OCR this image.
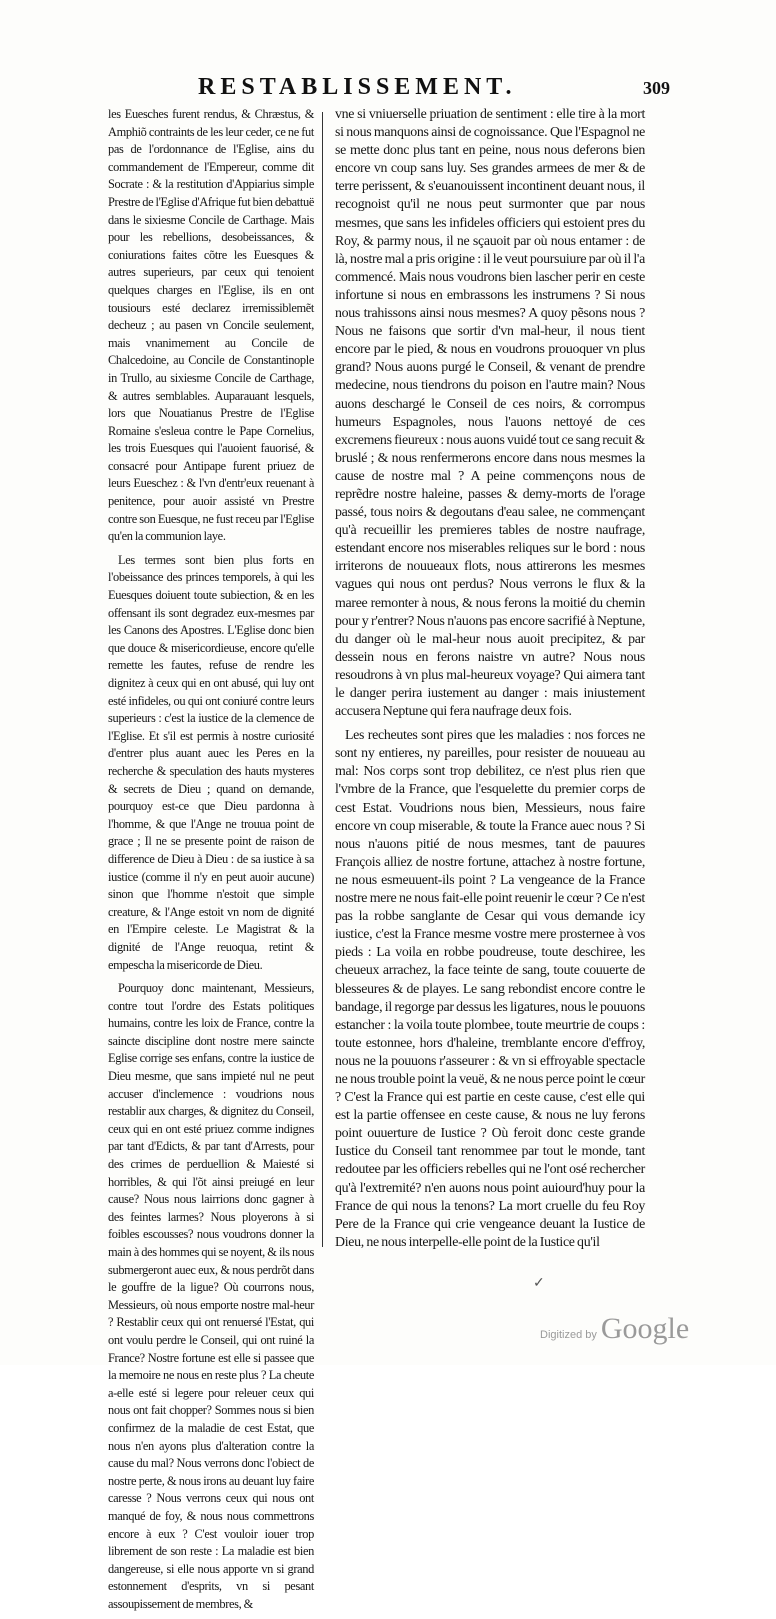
RESTABLISSEMENT.	309

les Euesches furent rendus, & Chræstus, & Amphiõ contraints de les leur ceder, ce ne fut pas de l'ordonnance de l'Eglise, ains du commandement de l'Empereur, comme dit Socrate : & la restitution d'Appiarius simple Prestre de l'Eglise d'Afrique fut bien debattuë dans le sixiesme Concile de Carthage. Mais pour les rebellions, desobeissances, & coniurations faites cõtre les Euesques & autres superieurs, par ceux qui tenoient quelques charges en l'Eglise, ils en ont tousiours esté declarez irremissiblemẽt decheuz ; au pasen vn Concile seulement, mais vnanimement au Concile de Chalcedoine, au Concile de Constantinople in Trullo, au sixiesme Concile de Carthage, & autres semblables. Auparauant lesquels, lors que Nouatianus Prestre de l'Eglise Romaine s'esleua contre le Pape Cornelius, les trois Euesques qui l'auoient fauorisé, & consacré pour Antipape furent priuez de leurs Eueschez : & l'vn d'entr'eux reuenant à penitence, pour auoir assisté vn Prestre contre son Euesque, ne fust receu par l'Eglise qu'en la communion laye.

Les termes sont bien plus forts en l'obeissance des princes temporels, à qui les Euesques doiuent toute subiection, & en les offensant ils sont degradez eux-mesmes par les Canons des Apostres. L'Eglise donc bien que douce & misericordieuse, encore qu'elle remette les fautes, refuse de rendre les dignitez à ceux qui en ont abusé, qui luy ont esté infideles, ou qui ont coniuré contre leurs superieurs : c'est la iustice de la clemence de l'Eglise. Et s'il est permis à nostre curiosité d'entrer plus auant auec les Peres en la recherche & speculation des hauts mysteres & secrets de Dieu ; quand on demande, pourquoy est-ce que Dieu pardonna à l'homme, & que l'Ange ne trouua point de grace ; Il ne se presente point de raison de difference de Dieu à Dieu : de sa iustice à sa iustice (comme il n'y en peut auoir aucune) sinon que l'homme n'estoit que simple creature, & l'Ange estoit vn nom de dignité en l'Empire celeste. Le Magistrat & la dignité de l'Ange reuoqua, retint & empescha la misericorde de Dieu.

Pourquoy donc maintenant, Messieurs, contre tout l'ordre des Estats politiques humains, contre les loix de France, contre la saincte discipline dont nostre mere saincte Eglise corrige ses enfans, contre la iustice de Dieu mesme, que sans impieté nul ne peut accuser d'inclemence : voudrions nous restablir aux charges, & dignitez du Conseil, ceux qui en ont esté priuez comme indignes par tant d'Edicts, & par tant d'Arrests, pour des crimes de perduellion & Maiesté si horribles, & qui l'õt ainsi preiugé en leur cause? Nous nous lairrions donc gagner à des feintes larmes? Nous ployerons à si foibles escousses? nous voudrons donner la main à des hommes qui se noyent, & ils nous submergeront auec eux, & nous perdrõt dans le gouffre de la ligue? Où courrons nous, Messieurs, où nous emporte nostre mal-heur ? Restablir ceux qui ont renuersé l'Estat, qui ont voulu perdre le Conseil, qui ont ruiné la France? Nostre fortune est elle si passee que la memoire ne nous en reste plus ? La cheute a-elle esté si legere pour releuer ceux qui nous ont fait chopper? Sommes nous si bien confirmez de la maladie de cest Estat, que nous n'en ayons plus d'alteration contre la cause du mal? Nous verrons donc l'obiect de nostre perte, & nous irons au deuant luy faire caresse ? Nous verrons ceux qui nous ont manqué de foy, & nous nous commettrons encore à eux ? C'est vouloir iouer trop librement de son reste : La maladie est bien dangereuse, si elle nous apporte vn si grand estonnement d'esprits, vn si pesant assoupissement de membres, &

vne si vniuerselle priuation de sentiment : elle tire à la mort si nous manquons ainsi de cognoissance. Que l'Espagnol ne se mette donc plus tant en peine, nous nous deferons bien encore vn coup sans luy. Ses grandes armees de mer & de terre perissent, & s'euanouissent incontinent deuant nous, il recognoist qu'il ne nous peut surmonter que par nous mesmes, que sans les infideles officiers qui estoient pres du Roy, & parmy nous, il ne sçauoit par où nous entamer : de là, nostre mal a pris origine : il le veut poursuiure par où il l'a commencé. Mais nous voudrons bien lascher perir en ceste infortune si nous en embrassons les instrumens ? Si nous nous trahissons ainsi nous mesmes? A quoy pẽsons nous ? Nous ne faisons que sortir d'vn mal-heur, il nous tient encore par le pied, & nous en voudrons prouoquer vn plus grand? Nous auons purgé le Conseil, & venant de prendre medecine, nous tiendrons du poison en l'autre main? Nous auons deschargé le Conseil de ces noirs, & corrompus humeurs Espagnoles, nous l'auons nettoyé de ces excremens fieureux : nous auons vuidé tout ce sang recuit & bruslé ; & nous renfermerons encore dans nous mesmes la cause de nostre mal ? A peine commençons nous de reprẽdre nostre haleine, passes & demy-morts de l'orage passé, tous noirs & degoutans d'eau salee, ne commençant qu'à recueillir les premieres tables de nostre naufrage, estendant encore nos miserables reliques sur le bord : nous irriterons de nouueaux flots, nous attirerons les mesmes vagues qui nous ont perdus? Nous verrons le flux & la maree remonter à nous, & nous ferons la moitié du chemin pour y r'entrer? Nous n'auons pas encore sacrifié à Neptune, du danger où le mal-heur nous auoit precipitez, & par dessein nous en ferons naistre vn autre? Nous nous resoudrons à vn plus mal-heureux voyage? Qui aimera tant le danger perira iustement au danger : mais iniustement accusera Neptune qui fera naufrage deux fois.

Les recheutes sont pires que les maladies : nos forces ne sont ny entieres, ny pareilles, pour resister de nouueau au mal: Nos corps sont trop debilitez, ce n'est plus rien que l'vmbre de la France, que l'esquelette du premier corps de cest Estat. Voudrions nous bien, Messieurs, nous faire encore vn coup miserable, & toute la France auec nous ? Si nous n'auons pitié de nous mesmes, tant de pauures François alliez de nostre fortune, attachez à nostre fortune, ne nous esmeuuent-ils point ? La vengeance de la France nostre mere ne nous fait-elle point reuenir le cœur ? Ce n'est pas la robbe sanglante de Cesar qui vous demande icy iustice, c'est la France mesme vostre mere prosternee à vos pieds : La voila en robbe poudreuse, toute deschiree, les cheueux arrachez, la face teinte de sang, toute couuerte de blesseures & de playes. Le sang rebondist encore contre le bandage, il regorge par dessus les ligatures, nous le pouuons estancher : la voila toute plombee, toute meurtrie de coups : toute estonnee, hors d'haleine, tremblante encore d'effroy, nous ne la pouuons r'asseurer : & vn si effroyable spectacle ne nous trouble point la veuë, & ne nous perce point le cœur ? C'est la France qui est partie en ceste cause, c'est elle qui est la partie offensee en ceste cause, & nous ne luy ferons point ouuerture de Iustice ? Où feroit donc ceste grande Iustice du Conseil tant renommee par tout le monde, tant redoutee par les officiers rebelles qui ne l'ont osé rechercher qu'à l'extremité? n'en auons nous point auiourd'huy pour la France de qui nous la tenons? La mort cruelle du feu Roy Pere de la France qui crie vengeance deuant la Iustice de Dieu, ne nous interpelle-elle point de la Iustice qu'il

✓
Digitized by Google
